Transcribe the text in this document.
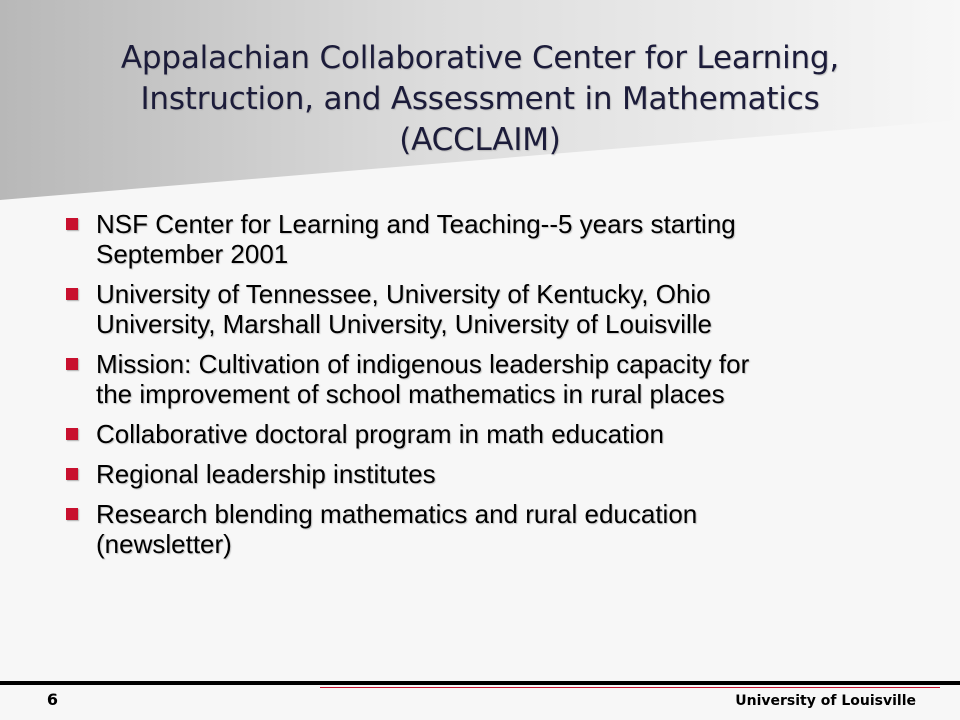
Appalachian Collaborative Center for Learning,
Instruction, and Assessment in Mathematics
(ACCLAIM)
NSF Center for Learning and Teaching--5 years starting
September 2001
University of Tennessee, University of Kentucky, Ohio
University, Marshall University, University of Louisville
Mission: Cultivation of indigenous leadership capacity for
the improvement of school mathematics in rural places
Collaborative doctoral program in math education
Regional leadership institutes
Research blending mathematics and rural education
(newsletter)
6	University of Louisville
